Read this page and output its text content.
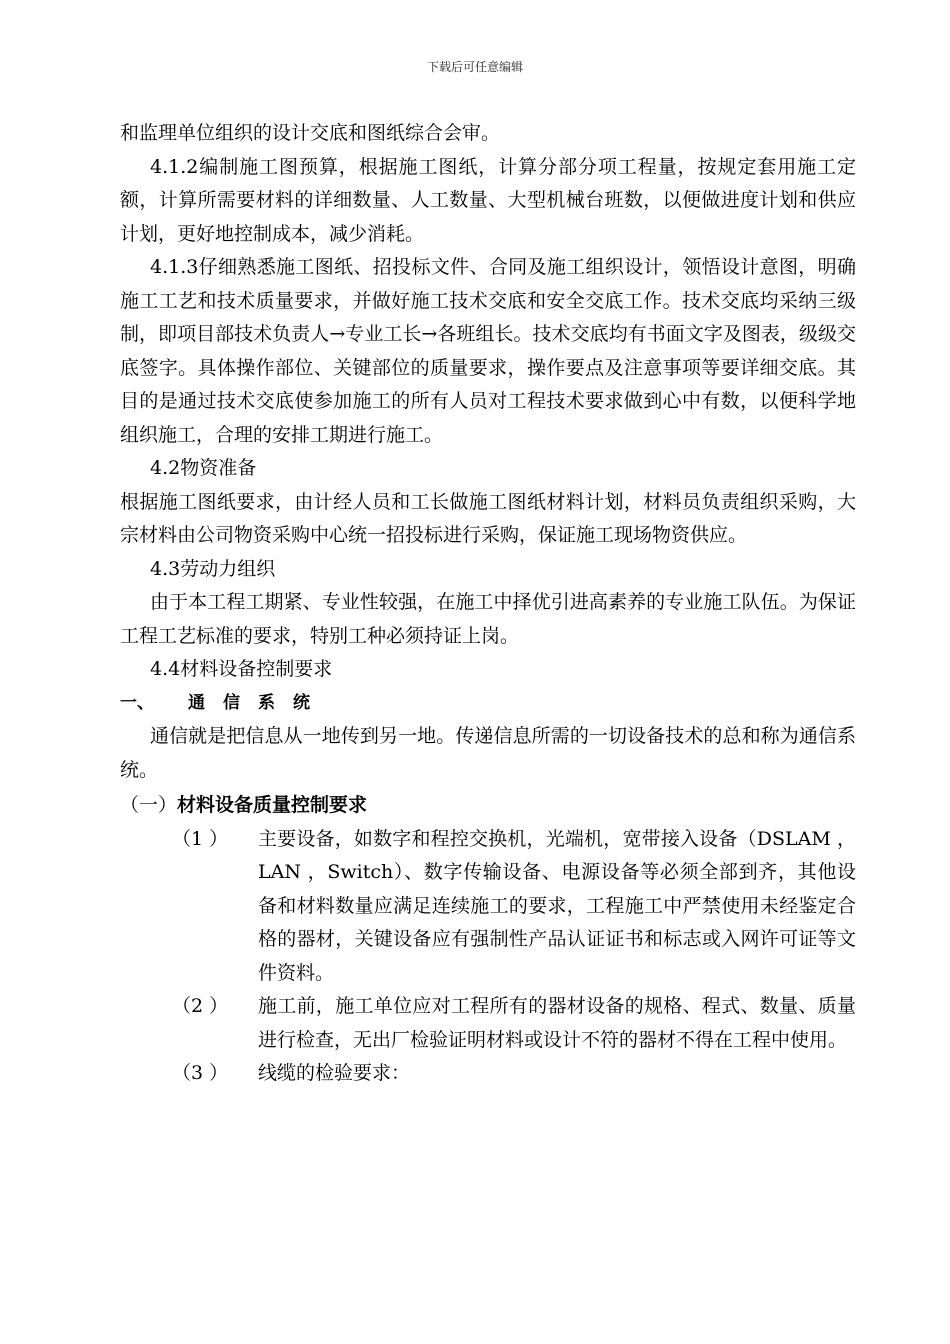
下载后可任意编辑

和监理单位组织的设计交底和图纸综合会审。

4.1.2编制施工图预算，根据施工图纸，计算分部分项工程量，按规定套用施工定额，计算所需要材料的详细数量、人工数量、大型机械台班数，以便做进度计划和供应计划，更好地控制成本，减少消耗。

4.1.3仔细熟悉施工图纸、招投标文件、合同及施工组织设计，领悟设计意图，明确施工工艺和技术质量要求，并做好施工技术交底和安全交底工作。技术交底均采纳三级制，即项目部技术负责人→专业工长→各班组长。技术交底均有书面文字及图表，级级交底签字。具体操作部位、关键部位的质量要求，操作要点及注意事项等要详细交底。其目的是通过技术交底使参加施工的所有人员对工程技术要求做到心中有数，以便科学地组织施工，合理的安排工期进行施工。

4.2物资准备

根据施工图纸要求，由计经人员和工长做施工图纸材料计划，材料员负责组织采购，大宗材料由公司物资采购中心统一招投标进行采购，保证施工现场物资供应。

4.3劳动力组织

由于本工程工期紧、专业性较强，在施工中择优引进高素养的专业施工队伍。为保证工程工艺标准的要求，特别工种必须持证上岗。

4.4材料设备控制要求

一、 通信系统

通信就是把信息从一地传到另一地。传递信息所需的一切设备技术的总和称为通信系统。

（一）材料设备质量控制要求

（1 ）	主要设备，如数字和程控交换机，光端机，宽带接入设备（DSLAM ，LAN ，Switch）、数字传输设备、电源设备等必须全部到齐，其他设备和材料数量应满足连续施工的要求，工程施工中严禁使用未经鉴定合格的器材，关键设备应有强制性产品认证证书和标志或入网许可证等文件资料。
（2 ）	施工前，施工单位应对工程所有的器材设备的规格、程式、数量、质量进行检查，无出厂检验证明材料或设计不符的器材不得在工程中使用。
（3 ）	线缆的检验要求：
